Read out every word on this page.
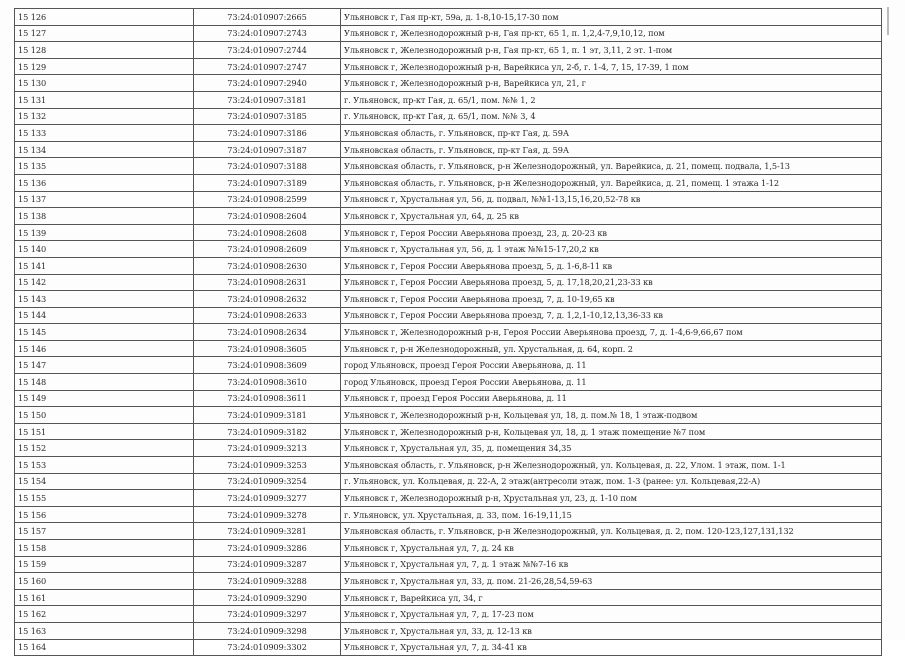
15 126	73:24:010907:2665	Ульяновск г, Гая пр-кт, 59а, д. 1-8,10-15,17-30 пом
15 127	73:24:010907:2743	Ульяновск г, Железнодорожный р-н, Гая пр-кт, 65 1, п. 1,2,4-7,9,10,12, пом
15 128	73:24:010907:2744	Ульяновск г, Железнодорожный р-н, Гая пр-кт, 65 1, п. 1 эт, 3,11, 2 эт. 1-пом
15 129	73:24:010907:2747	Ульяновск г, Железнодорожный р-н, Варейкиса ул, 2-б, г. 1-4, 7, 15, 17-39, 1 пом
15 130	73:24:010907:2940	Ульяновск г, Железнодорожный р-н, Варейкиса ул, 21, г
15 131	73:24:010907:3181	г. Ульяновск, пр-кт Гая, д. 65/1, пом. №№ 1, 2
15 132	73:24:010907:3185	г. Ульяновск, пр-кт Гая, д. 65/1, пом. №№ 3, 4
15 133	73:24:010907:3186	Ульяновская область, г. Ульяновск, пр-кт Гая, д. 59А
15 134	73:24:010907:3187	Ульяновская область, г. Ульяновск, пр-кт Гая, д. 59А
15 135	73:24:010907:3188	Ульяновская область, г. Ульяновск, р-н Железнодорожный, ул. Варейкиса, д. 21, помещ. подвала, 1,5-13
15 136	73:24:010907:3189	Ульяновская область, г. Ульяновск, р-н Железнодорожный, ул. Варейкиса, д. 21, помещ. 1 этажа 1-12
15 137	73:24:010908:2599	Ульяновск г, Хрустальная ул, 56, д. подвал, №№1-13,15,16,20,52-78 кв
15 138	73:24:010908:2604	Ульяновск г, Хрустальная ул, 64, д. 25 кв
15 139	73:24:010908:2608	Ульяновск г, Героя России Аверьянова проезд, 23, д. 20-23 кв
15 140	73:24:010908:2609	Ульяновск г, Хрустальная ул, 56, д. 1 этаж №№15-17,20,2 кв
15 141	73:24:010908:2630	Ульяновск г, Героя России Аверьянова проезд, 5, д. 1-6,8-11 кв
15 142	73:24:010908:2631	Ульяновск г, Героя России Аверьянова проезд, 5, д. 17,18,20,21,23-33 кв
15 143	73:24:010908:2632	Ульяновск г, Героя России Аверьянова проезд, 7, д. 10-19,65 кв
15 144	73:24:010908:2633	Ульяновск г, Героя России Аверьянова проезд, 7, д. 1,2,1-10,12,13,36-33 кв
15 145	73:24:010908:2634	Ульяновск г, Железнодорожный р-н, Героя России Аверьянова проезд, 7, д. 1-4,6-9,66,67 пом
15 146	73:24:010908:3605	Ульяновск г, р-н Железнодорожный, ул. Хрустальная, д. 64, корп. 2
15 147	73:24:010908:3609	город Ульяновск, проезд Героя России Аверьянова, д. 11
15 148	73:24:010908:3610	город Ульяновск, проезд Героя России Аверьянова, д. 11
15 149	73:24:010908:3611	Ульяновск г, проезд Героя России Аверьянова, д. 11
15 150	73:24:010909:3181	Ульяновск г, Железнодорожный р-н, Кольцевая ул, 18, д. пом.№ 18, 1 этаж-подвом
15 151	73:24:010909:3182	Ульяновск г, Железнодорожный р-н, Кольцевая ул, 18, д. 1 этаж помещение №7 пом
15 152	73:24:010909:3213	Ульяновск г, Хрустальная ул, 35, д. помещения 34,35
15 153	73:24:010909:3253	Ульяновская область, г. Ульяновск, р-н Железнодорожный, ул. Кольцевая, д. 22, Улом. 1 этаж, пом. 1-1
15 154	73:24:010909:3254	г. Ульяновск, ул. Кольцевая, д. 22-А, 2 этаж(антресоли этаж, пом. 1-3 (ранее: ул. Кольцевая,22-А)
15 155	73:24:010909:3277	Ульяновск г, Железнодорожный р-н, Хрустальная ул, 23, д. 1-10 пом
15 156	73:24:010909:3278	г. Ульяновск, ул. Хрустальная, д. 33, пом. 16-19,11,15
15 157	73:24:010909:3281	Ульяновская область, г. Ульяновск, р-н Железнодорожный, ул. Кольцевая, д. 2, пом. 120-123,127,131,132
15 158	73:24:010909:3286	Ульяновск г, Хрустальная ул, 7, д. 24 кв
15 159	73:24:010909:3287	Ульяновск г, Хрустальная ул, 7, д. 1 этаж №№7-16 кв
15 160	73:24:010909:3288	Ульяновск г, Хрустальная ул, 33, д. пом. 21-26,28,54,59-63
15 161	73:24:010909:3290	Ульяновск г, Варейкиса ул, 34, г
15 162	73:24:010909:3297	Ульяновск г, Хрустальная ул, 7, д. 17-23 пом
15 163	73:24:010909:3298	Ульяновск г, Хрустальная ул, 33, д. 12-13 кв
15 164	73:24:010909:3302	Ульяновск г, Хрустальная ул, 7, д. 34-41 кв
